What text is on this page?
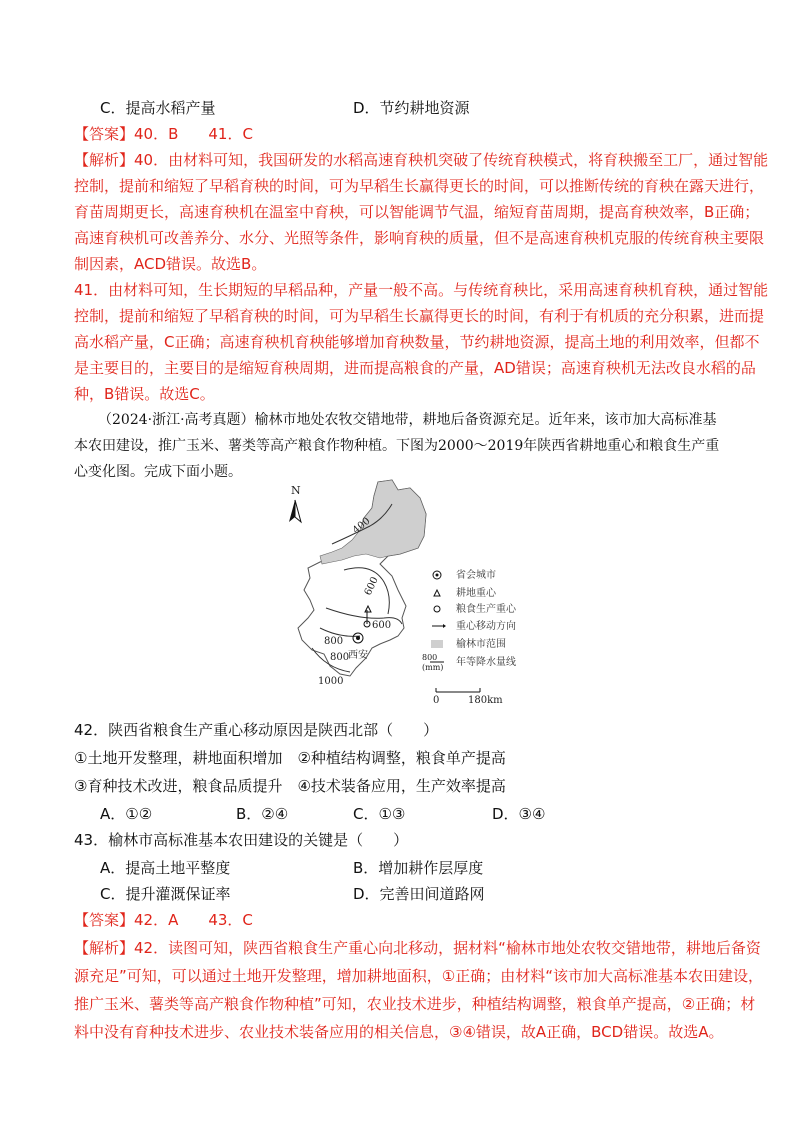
C．提高水稻产量	D．节约耕地资源
【答案】40．B　　41．C
【解析】40．由材料可知，我国研发的水稻高速育秧机突破了传统育秧模式，将育秧搬至工厂，通过智能
控制，提前和缩短了早稻育秧的时间，可为早稻生长赢得更长的时间，可以推断传统的育秧在露天进行，
育苗周期更长，高速育秧机在温室中育秧，可以智能调节气温，缩短育苗周期，提高育秧效率，B正确；
高速育秧机可改善养分、水分、光照等条件，影响育秧的质量，但不是高速育秧机克服的传统育秧主要限
制因素，ACD错误。故选B。
41．由材料可知，生长期短的早稻品种，产量一般不高。与传统育秧比，采用高速育秧机育秧，通过智能
控制，提前和缩短了早稻育秧的时间，可为早稻生长赢得更长的时间，有利于有机质的充分积累，进而提
高水稻产量，C正确；高速育秧机育秧能够增加育秧数量，节约耕地资源，提高土地的利用效率，但都不
是主要目的，主要目的是缩短育秧周期，进而提高粮食的产量，AD错误；高速育秧机无法改良水稻的品
种，B错误。故选C。
（2024·浙江·高考真题）榆林市地处农牧交错地带，耕地后备资源充足。近年来，该市加大高标准基
本农田建设，推广玉米、薯类等高产粮食作物种植。下图为2000～2019年陕西省耕地重心和粮食生产重
心变化图。完成下面小题。
N
400
600
600
800
800
1000
西安
0	180km
800
(mm)
省会城市
耕地重心
粮食生产重心
重心移动方向
榆林市范围
年等降水量线
42．陕西省粮食生产重心移动原因是陕西北部（　　）
①土地开发整理，耕地面积增加　②种植结构调整，粮食单产提高
③育种技术改进，粮食品质提升　④技术装备应用，生产效率提高
A．①②	B．②④	C．①③	D．③④
43．榆林市高标准基本农田建设的关键是（　　）
A．提高土地平整度	B．增加耕作层厚度
C．提升灌溉保证率	D．完善田间道路网
【答案】42．A　　43．C
【解析】42．读图可知，陕西省粮食生产重心向北移动，据材料“榆林市地处农牧交错地带，耕地后备资
源充足”可知，可以通过土地开发整理，增加耕地面积，①正确；由材料“该市加大高标准基本农田建设，
推广玉米、薯类等高产粮食作物种植”可知，农业技术进步，种植结构调整，粮食单产提高，②正确；材
料中没有育种技术进步、农业技术装备应用的相关信息，③④错误，故A正确，BCD错误。故选A。
